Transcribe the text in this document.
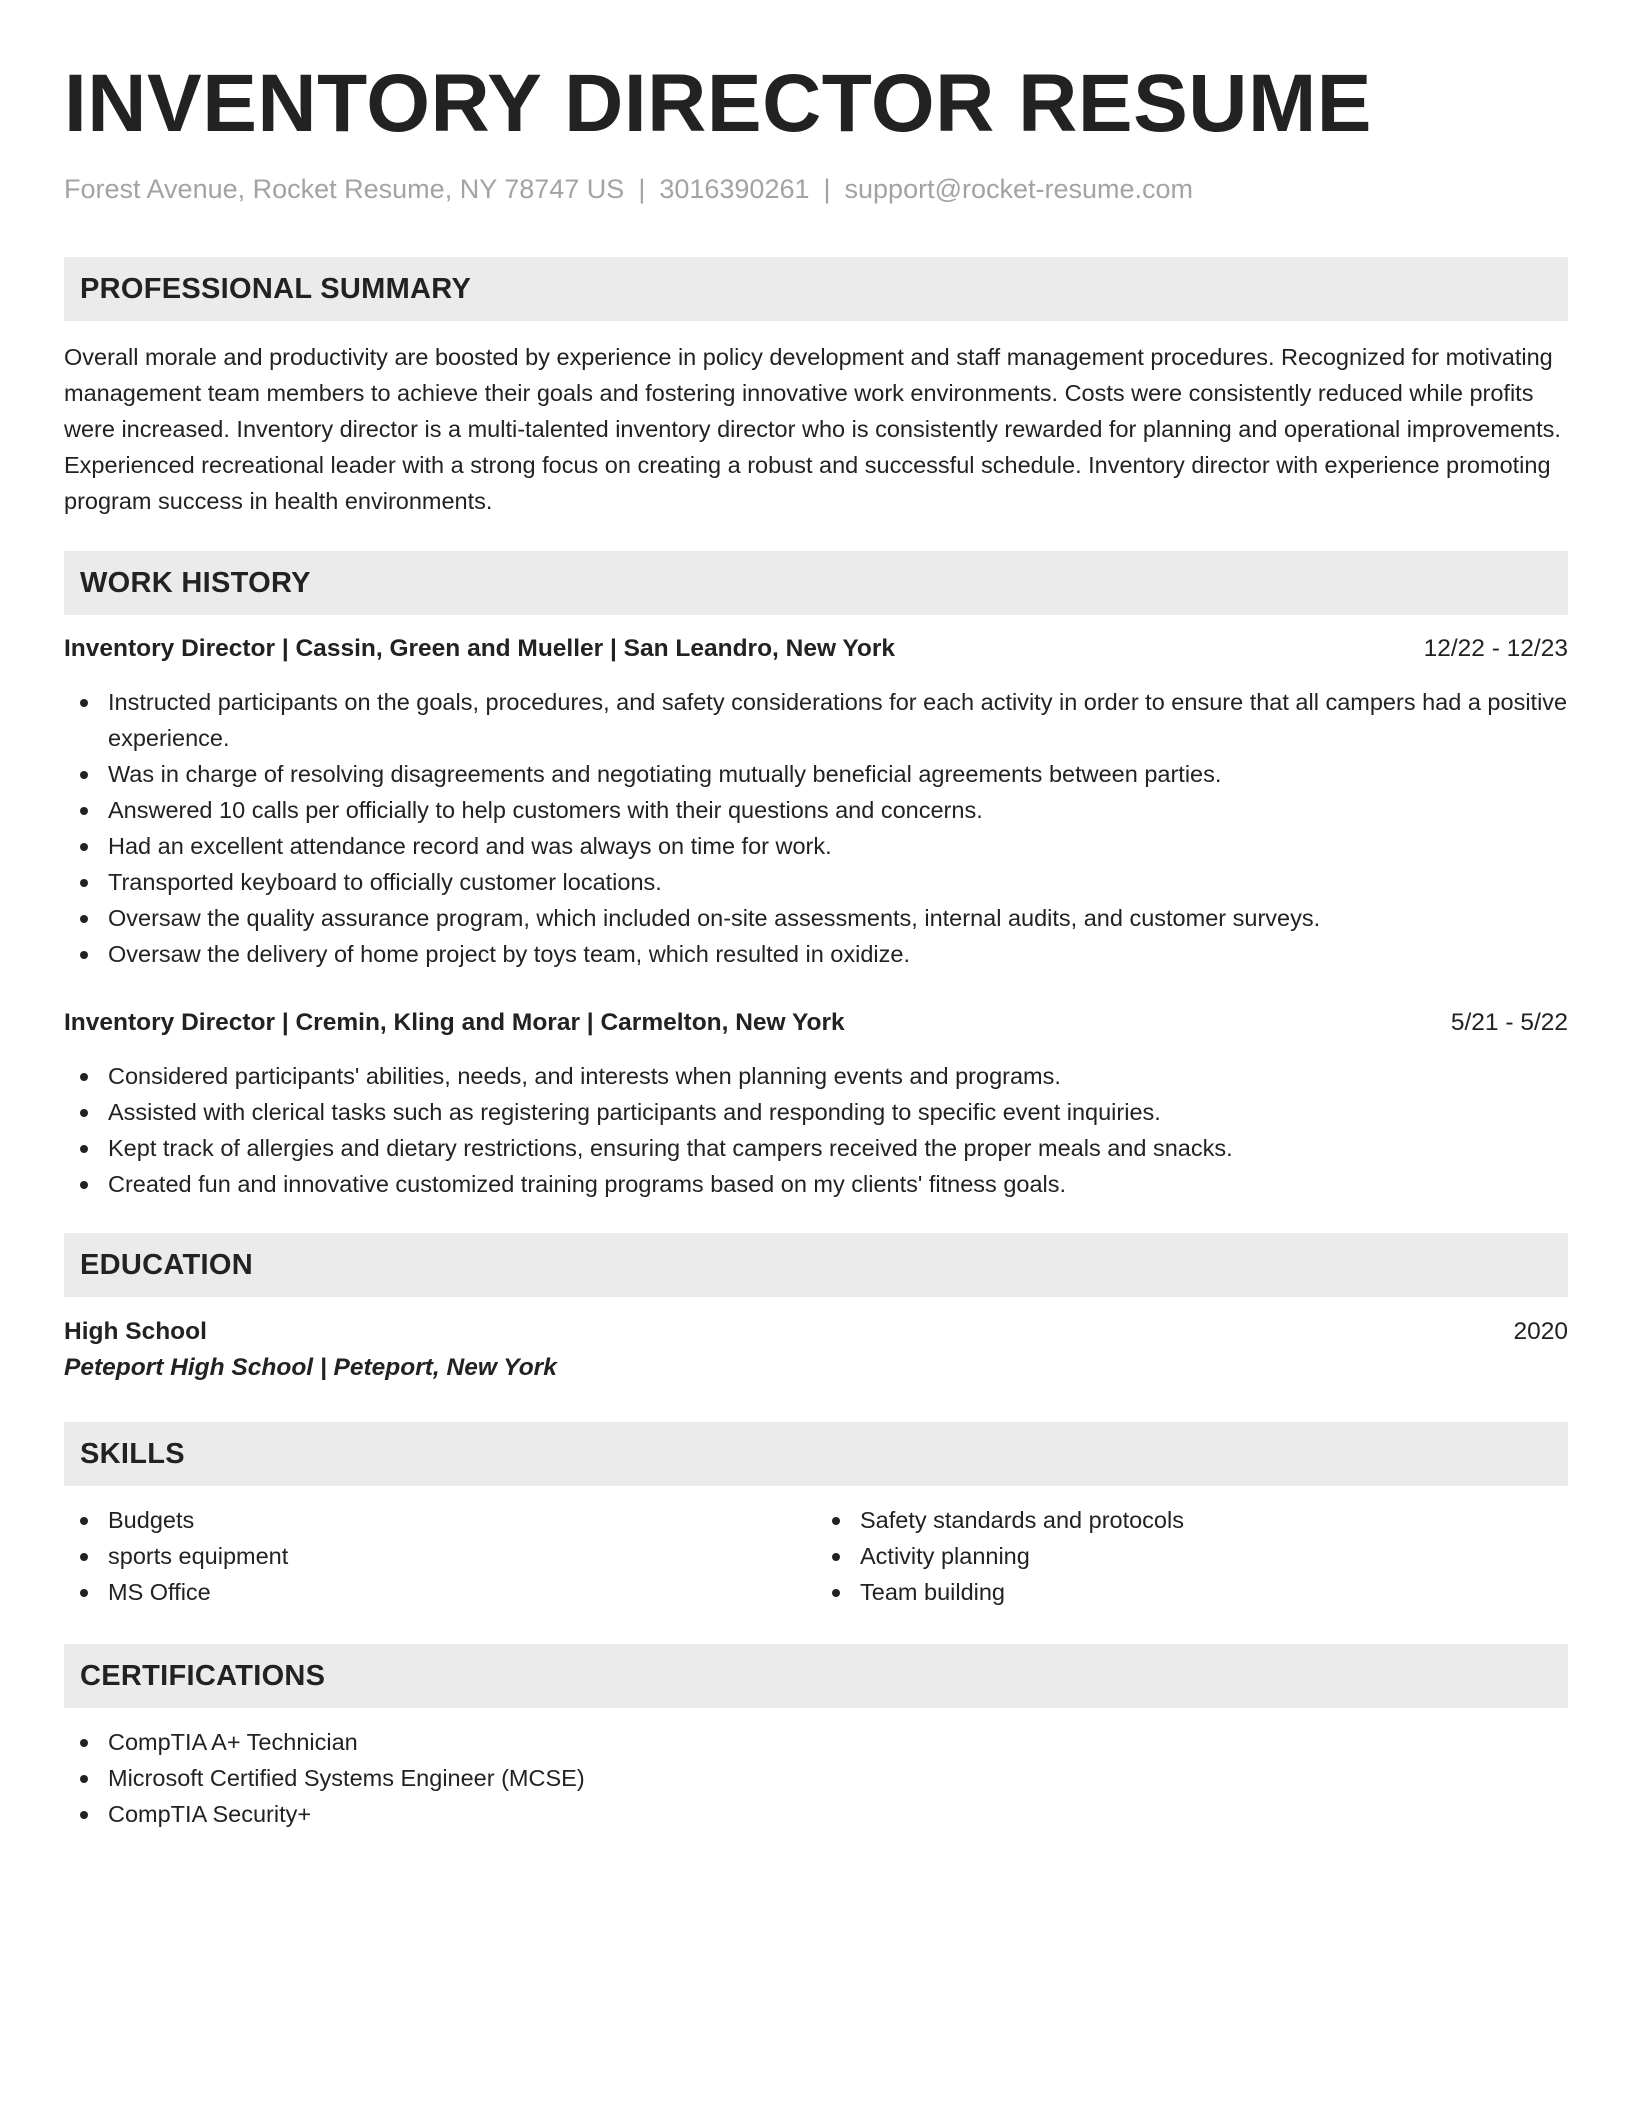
INVENTORY DIRECTOR RESUME
Forest Avenue, Rocket Resume, NY 78747 US | 3016390261 | support@rocket-resume.com
PROFESSIONAL SUMMARY
Overall morale and productivity are boosted by experience in policy development and staff management procedures. Recognized for motivating management team members to achieve their goals and fostering innovative work environments. Costs were consistently reduced while profits were increased. Inventory director is a multi-talented inventory director who is consistently rewarded for planning and operational improvements. Experienced recreational leader with a strong focus on creating a robust and successful schedule. Inventory director with experience promoting program success in health environments.
WORK HISTORY
Inventory Director | Cassin, Green and Mueller | San Leandro, New York	12/22 - 12/23
Instructed participants on the goals, procedures, and safety considerations for each activity in order to ensure that all campers had a positive experience.
Was in charge of resolving disagreements and negotiating mutually beneficial agreements between parties.
Answered 10 calls per officially to help customers with their questions and concerns.
Had an excellent attendance record and was always on time for work.
Transported keyboard to officially customer locations.
Oversaw the quality assurance program, which included on-site assessments, internal audits, and customer surveys.
Oversaw the delivery of home project by toys team, which resulted in oxidize.
Inventory Director | Cremin, Kling and Morar | Carmelton, New York	5/21 - 5/22
Considered participants' abilities, needs, and interests when planning events and programs.
Assisted with clerical tasks such as registering participants and responding to specific event inquiries.
Kept track of allergies and dietary restrictions, ensuring that campers received the proper meals and snacks.
Created fun and innovative customized training programs based on my clients' fitness goals.
EDUCATION
High School	2020
Peteport High School | Peteport, New York
SKILLS
Budgets
sports equipment
MS Office
Safety standards and protocols
Activity planning
Team building
CERTIFICATIONS
CompTIA A+ Technician
Microsoft Certified Systems Engineer (MCSE)
CompTIA Security+
